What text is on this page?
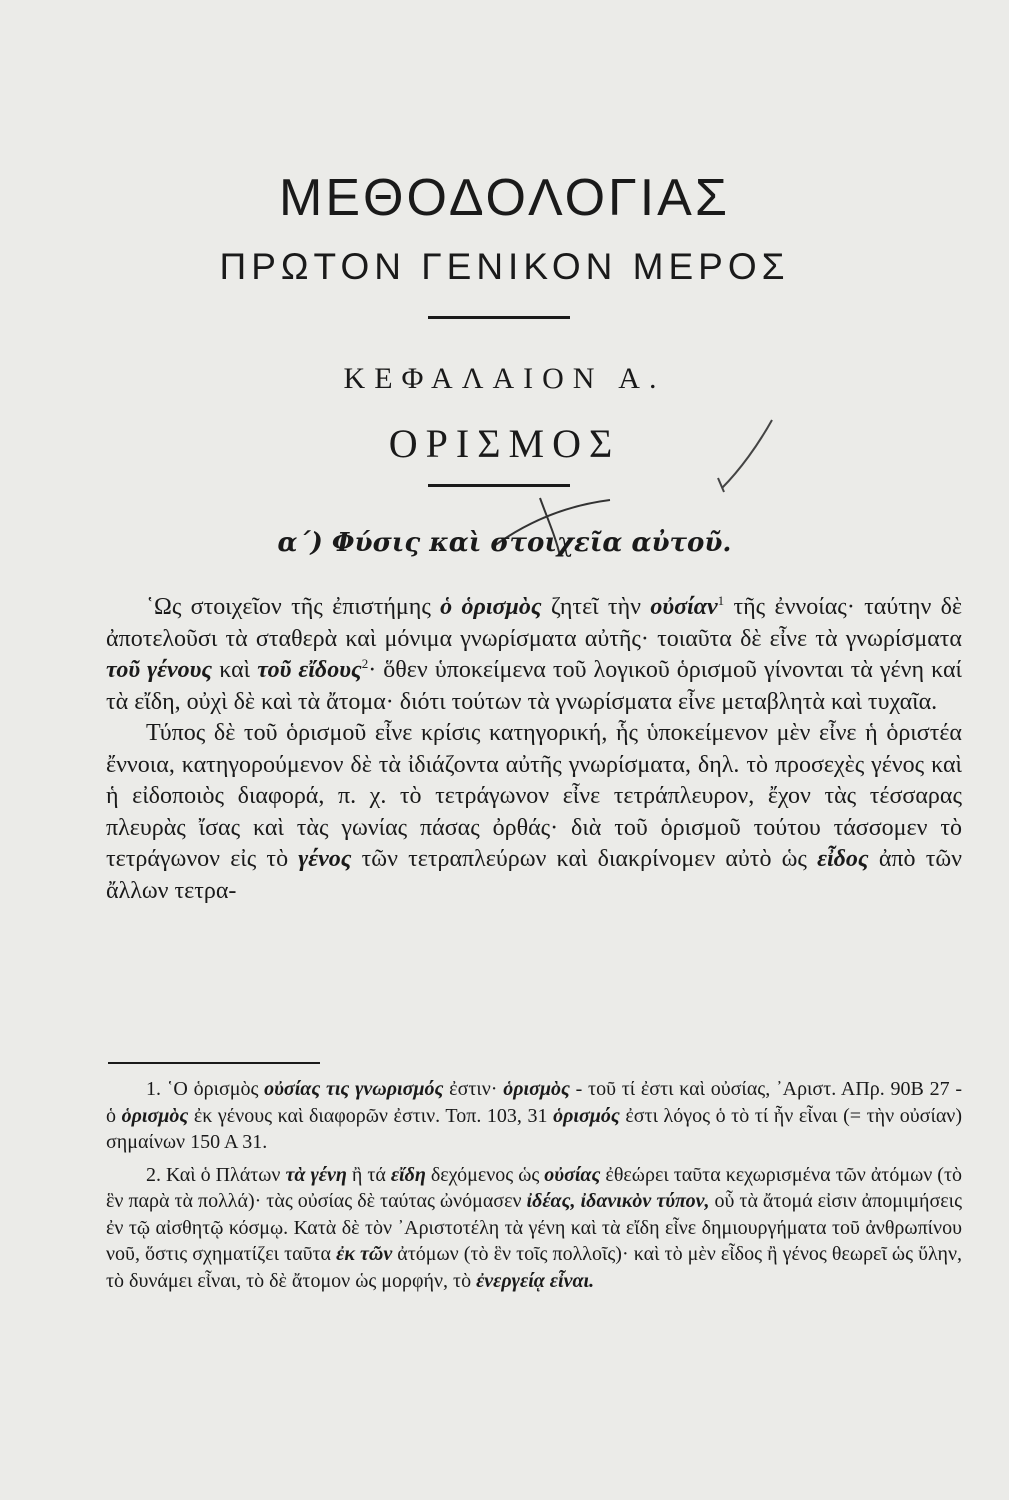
ΜΕΘΟΔΟΛΟΓΙΑΣ
ΠΡΩΤΟΝ ΓΕΝΙΚΟΝ ΜΕΡΟΣ
ΚΕΦΑΛΑΙΟΝ Α.
ΟΡΙΣΜΟΣ
α΄) Φύσις καὶ στοιχεῖα αὐτοῦ.

῾Ως στοιχεῖον τῆς ἐπιστήμης ὁ ὁρισμὸς ζητεῖ τὴν οὐσίαν$^1$ τῆς ἐννοίας· ταύτην δὲ ἀποτελοῦσι τὰ σταθερὰ καὶ μόνιμα γνωρίσματα αὐτῆς· τοιαῦτα δὲ εἶνε τὰ γνωρίσματα τοῦ γένους καὶ τοῦ εἴδους$^2$· ὅθεν ὑποκείμενα τοῦ λογικοῦ ὁρισμοῦ γίνονται τὰ γένη καί τὰ εἴδη, οὐχὶ δὲ καὶ τὰ ἄτομα· διότι τούτων τὰ γνωρίσματα εἶνε μεταβλητὰ καὶ τυχαῖα.

Τύπος δὲ τοῦ ὁρισμοῦ εἶνε κρίσις κατηγορική, ἧς ὑποκείμενον μὲν εἶνε ἡ ὁριστέα ἔννοια, κατηγορούμενον δὲ τὰ ἰδιάζοντα αὐτῆς γνωρίσματα, δηλ. τὸ προσεχὲς γένος καὶ ἡ εἰδοποιὸς διαφορά, π. χ. τὸ τετράγωνον εἶνε τετράπλευρον, ἔχον τὰς τέσσαρας πλευρὰς ἴσας καὶ τὰς γωνίας πάσας ὀρθάς· διὰ τοῦ ὁρισμοῦ τούτου τάσσομεν τὸ τετράγωνον εἰς τὸ γένος τῶν τετραπλεύρων καὶ διακρίνομεν αὐτὸ ὡς εἶδος ἀπὸ τῶν ἄλλων τετρα-

1. ῾Ο ὁρισμὸς οὐσίας τις γνωρισμός ἐστιν· ὁρισμὸς - τοῦ τί ἐστι καὶ οὐσίας, ᾽Αριστ. ΑΠρ. 90Β 27 - ὁ ὁρισμὸς ἐκ γένους καὶ διαφορῶν ἐστιν. Τοπ. 103, 31 ὁρισμός ἐστι λόγος ὁ τὸ τί ἦν εἶναι (= τὴν οὐσίαν) σημαίνων 150 Α 31.

2. Καὶ ὁ Πλάτων τὰ γένη ἢ τά εἴδη δεχόμενος ὡς οὐσίας ἐθεώρει ταῦτα κεχωρισμένα τῶν ἀτόμων (τὸ ἓν παρὰ τὰ πολλά)· τὰς οὐσίας δὲ ταύτας ὠνόμασεν ἰδέας, ἰδανικὸν τύπον, οὗ τὰ ἄτομά εἰσιν ἀπομιμήσεις ἐν τῷ αἰσθητῷ κόσμῳ. Κατὰ δὲ τὸν ᾽Αριστοτέλη τὰ γένη καὶ τὰ εἴδη εἶνε δημιουργήματα τοῦ ἀνθρωπίνου νοῦ, ὅστις σχηματίζει ταῦτα ἐκ τῶν ἀτόμων (τὸ ἓν τοῖς πολλοῖς)· καὶ τὸ μὲν εἶδος ἢ γένος θεωρεῖ ὡς ὕλην, τὸ δυνάμει εἶναι, τὸ δὲ ἄτομον ὡς μορφήν, τὸ ἐνεργείᾳ εἶναι.
